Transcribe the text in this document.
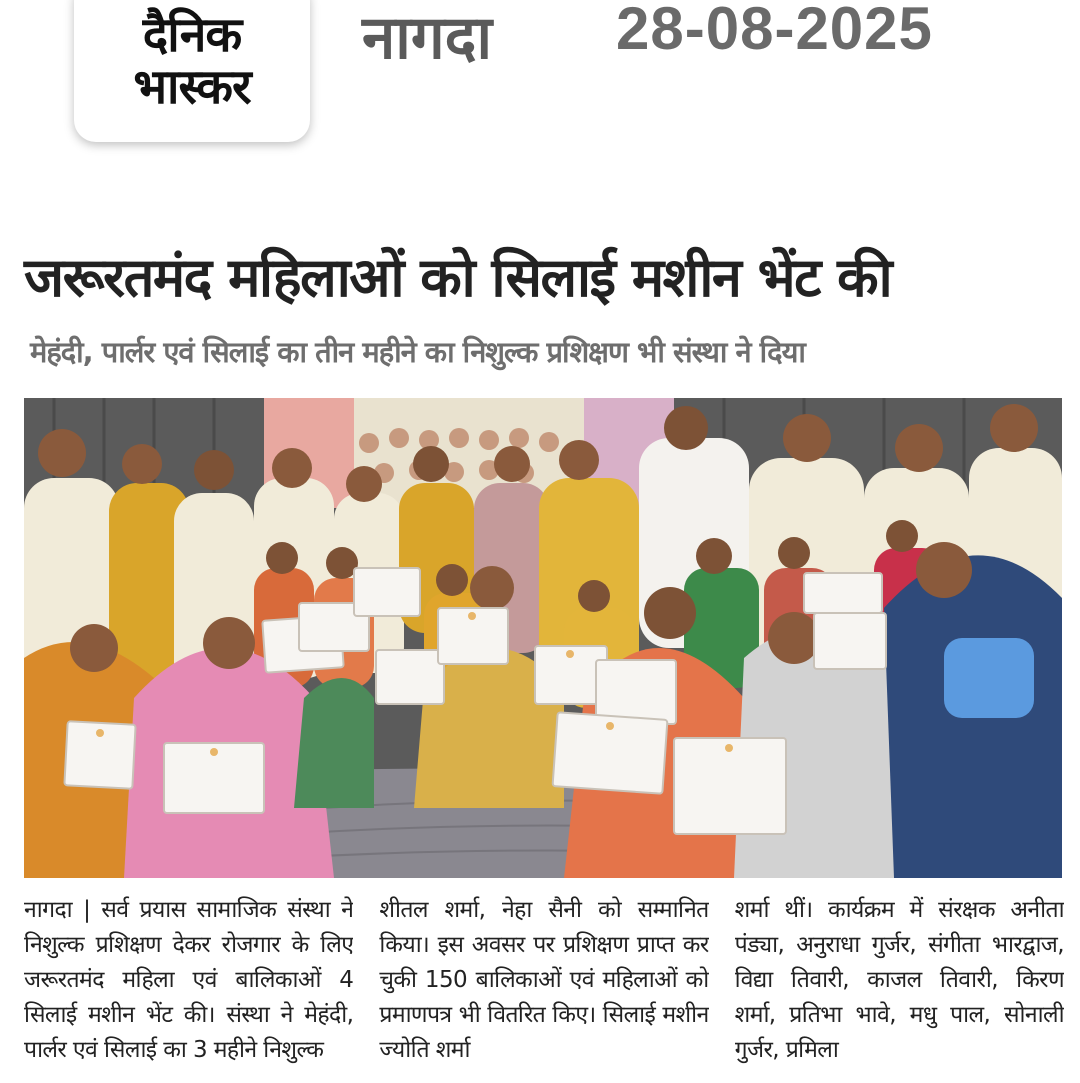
दैनिक
भास्कर
नागदा 28-08-2025
जरूरतमंद महिलाओं को सिलाई मशीन भेंट की
मेहंदी, पार्लर एवं सिलाई का तीन महीने का निशुल्क प्रशिक्षण भी संस्था ने दिया
नागदा | सर्व प्रयास सामाजिक संस्था ने निशुल्क प्रशिक्षण देकर रोजगार के लिए जरूरतमंद महिला एवं बालिकाओं 4 सिलाई मशीन भेंट की। संस्था ने मेहंदी, पार्लर एवं सिलाई का 3 महीने निशुल्क
शीतल शर्मा, नेहा सैनी को सम्मानित किया। इस अवसर पर प्रशिक्षण प्राप्त कर चुकी 150 बालिकाओं एवं महिलाओं को प्रमाणपत्र भी वितरित किए। सिलाई मशीन ज्योति शर्मा
शर्मा थीं। कार्यक्रम में संरक्षक अनीता पंड्या, अनुराधा गुर्जर, संगीता भारद्वाज, विद्या तिवारी, काजल तिवारी, किरण शर्मा, प्रतिभा भावे, मधु पाल, सोनाली गुर्जर, प्रमिला
